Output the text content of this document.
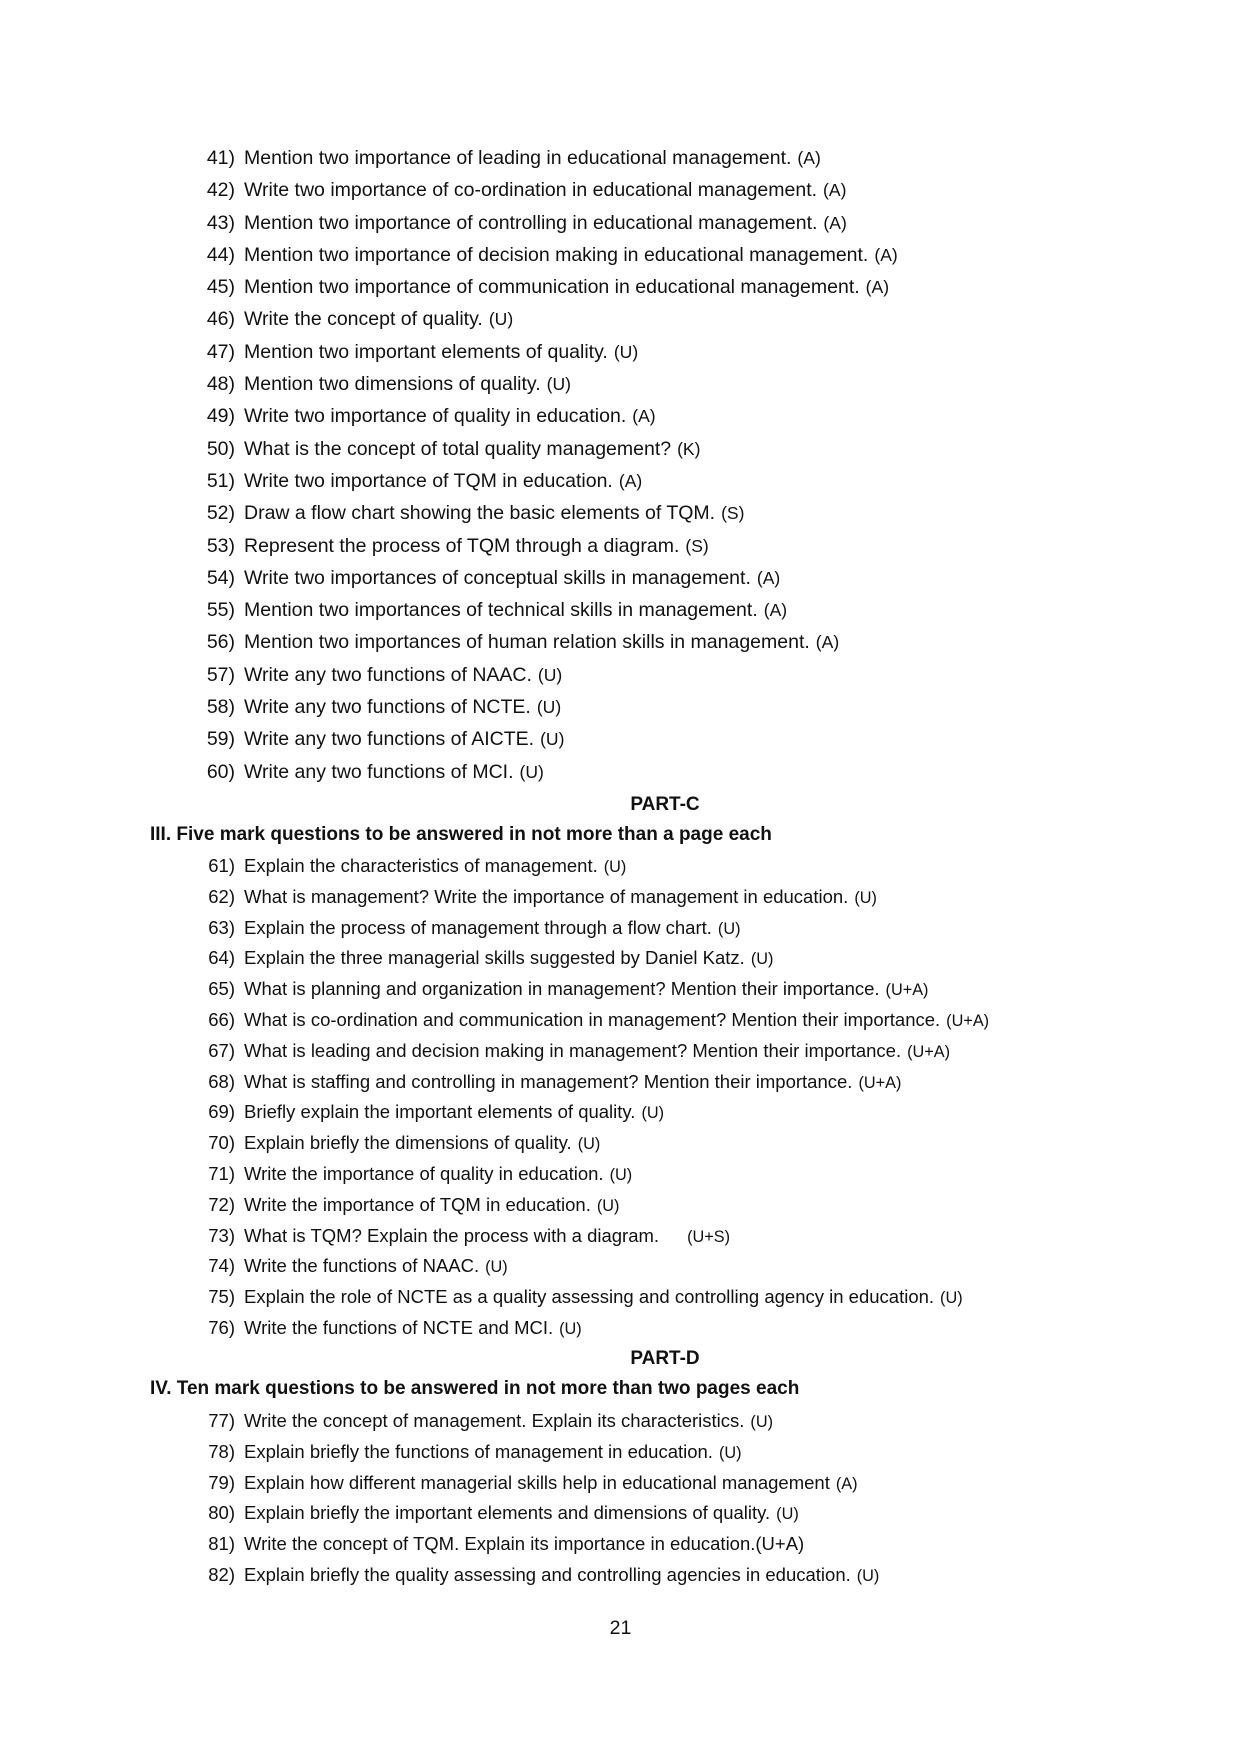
41) Mention two importance of leading in educational management. (A)
42) Write two importance of co-ordination in educational management. (A)
43) Mention two importance of controlling in educational management. (A)
44) Mention two importance of decision making in educational management. (A)
45) Mention two importance of communication in educational management. (A)
46) Write the concept of quality. (U)
47) Mention two important elements of quality. (U)
48) Mention two dimensions of quality. (U)
49) Write two importance of quality in education. (A)
50) What is the concept of total quality management? (K)
51) Write two importance of TQM in education. (A)
52) Draw a flow chart showing the basic elements of TQM. (S)
53) Represent the process of TQM through a diagram. (S)
54) Write two importances of conceptual skills in management. (A)
55) Mention two importances of technical skills in management. (A)
56) Mention two importances of human relation skills in management. (A)
57) Write any two functions of NAAC. (U)
58) Write any two functions of NCTE. (U)
59) Write any two functions of AICTE. (U)
60) Write any two functions of MCI. (U)
PART-C
III. Five mark questions to be answered in not more than a page each
61) Explain the characteristics of management. (U)
62) What is management? Write the importance of management in education. (U)
63) Explain the process of management through a flow chart. (U)
64) Explain the three managerial skills suggested by Daniel Katz. (U)
65) What is planning and organization in management? Mention their importance. (U+A)
66) What is co-ordination and communication in management? Mention their importance. (U+A)
67) What is leading and decision making in management? Mention their importance. (U+A)
68) What is staffing and controlling in management? Mention their importance. (U+A)
69) Briefly explain the important elements of quality. (U)
70) Explain briefly the dimensions of quality. (U)
71) Write the importance of quality in education. (U)
72) Write the importance of TQM in education. (U)
73) What is TQM? Explain the process with a diagram. (U+S)
74) Write the functions of NAAC. (U)
75) Explain the role of NCTE as a quality assessing and controlling agency in education. (U)
76) Write the functions of NCTE and MCI. (U)
PART-D
IV. Ten mark questions to be answered in not more than two pages each
77) Write the concept of management. Explain its characteristics. (U)
78) Explain briefly the functions of management in education. (U)
79) Explain how different managerial skills help in educational management (A)
80) Explain briefly the important elements and dimensions of quality. (U)
81) Write the concept of TQM. Explain its importance in education.(U+A)
82) Explain briefly the quality assessing and controlling agencies in education. (U)
21
